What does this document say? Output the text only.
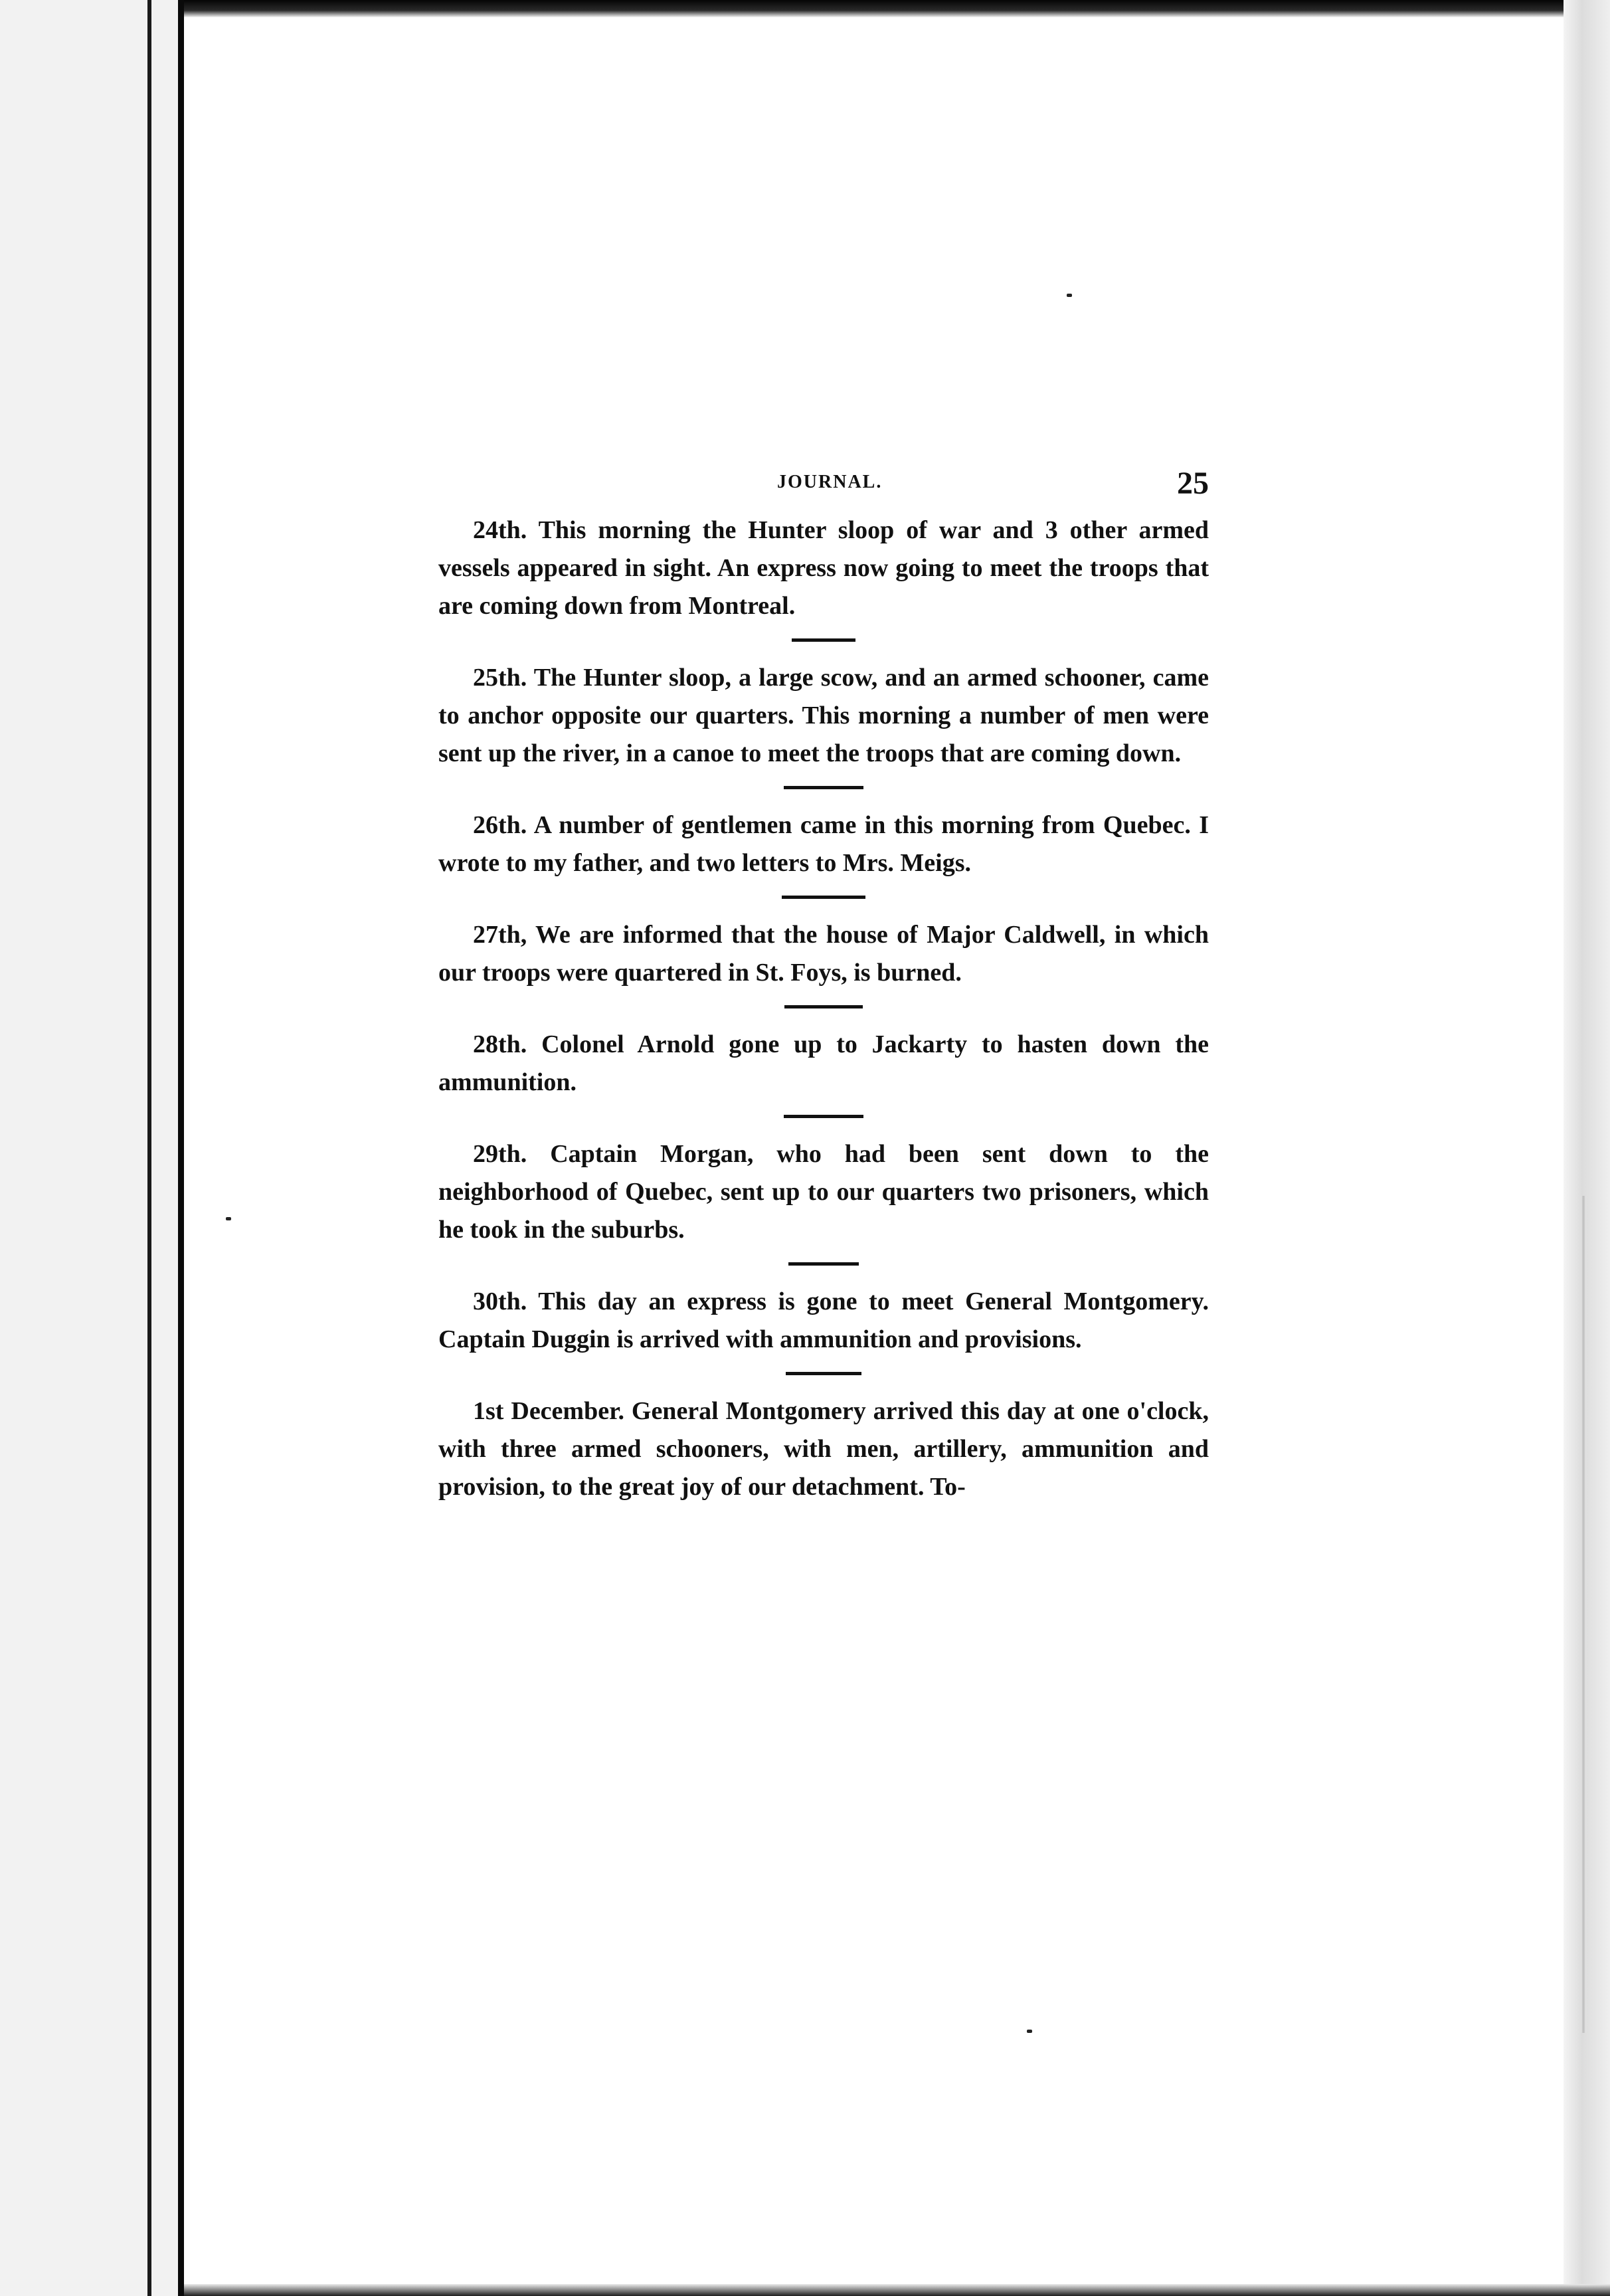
JOURNAL.	25

24th. This morning the Hunter sloop of war and 3 other armed vessels appeared in sight. An express now going to meet the troops that are coming down from Montreal.

25th. The Hunter sloop, a large scow, and an armed schooner, came to anchor opposite our quarters. This morning a number of men were sent up the river, in a canoe to meet the troops that are coming down.

26th. A number of gentlemen came in this morning from Quebec. I wrote to my father, and two letters to Mrs. Meigs.

27th, We are informed that the house of Major Caldwell, in which our troops were quartered in St. Foys, is burned.

28th. Colonel Arnold gone up to Jackarty to hasten down the ammunition.

29th. Captain Morgan, who had been sent down to the neighborhood of Quebec, sent up to our quarters two prisoners, which he took in the suburbs.

30th. This day an express is gone to meet General Montgomery. Captain Duggin is arrived with ammunition and provisions.

1st December. General Montgomery arrived this day at one o'clock, with three armed schooners, with men, artillery, ammunition and provision, to the great joy of our detachment. To-
